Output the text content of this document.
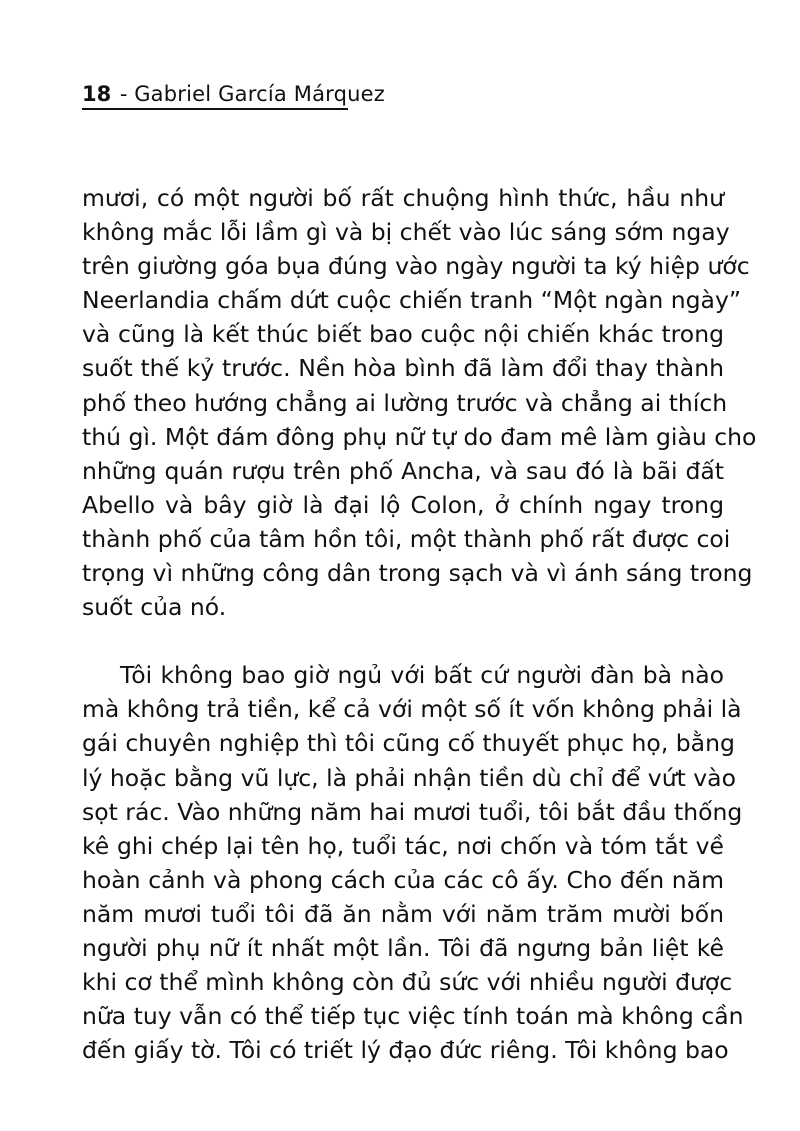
18 - Gabriel García Márquez
mươi, có một người bố rất chuộng hình thức, hầu như
không mắc lỗi lầm gì và bị chết vào lúc sáng sớm ngay
trên giường góa bụa đúng vào ngày người ta ký hiệp ước
Neerlandia chấm dứt cuộc chiến tranh “Một ngàn ngày”
và cũng là kết thúc biết bao cuộc nội chiến khác trong
suốt thế kỷ trước. Nền hòa bình đã làm đổi thay thành
phố theo hướng chẳng ai lường trước và chẳng ai thích
thú gì. Một đám đông phụ nữ tự do đam mê làm giàu cho
những quán rượu trên phố Ancha, và sau đó là bãi đất
Abello và bây giờ là đại lộ Colon, ở chính ngay trong
thành phố của tâm hồn tôi, một thành phố rất được coi
trọng vì những công dân trong sạch và vì ánh sáng trong
suốt của nó.
Tôi không bao giờ ngủ với bất cứ người đàn bà nào
mà không trả tiền, kể cả với một số ít vốn không phải là
gái chuyên nghiệp thì tôi cũng cố thuyết phục họ, bằng
lý hoặc bằng vũ lực, là phải nhận tiền dù chỉ để vứt vào
sọt rác. Vào những năm hai mươi tuổi, tôi bắt đầu thống
kê ghi chép lại tên họ, tuổi tác, nơi chốn và tóm tắt về
hoàn cảnh và phong cách của các cô ấy. Cho đến năm
năm mươi tuổi tôi đã ăn nằm với năm trăm mười bốn
người phụ nữ ít nhất một lần. Tôi đã ngưng bản liệt kê
khi cơ thể mình không còn đủ sức với nhiều người được
nữa tuy vẫn có thể tiếp tục việc tính toán mà không cần
đến giấy tờ. Tôi có triết lý đạo đức riêng. Tôi không bao
